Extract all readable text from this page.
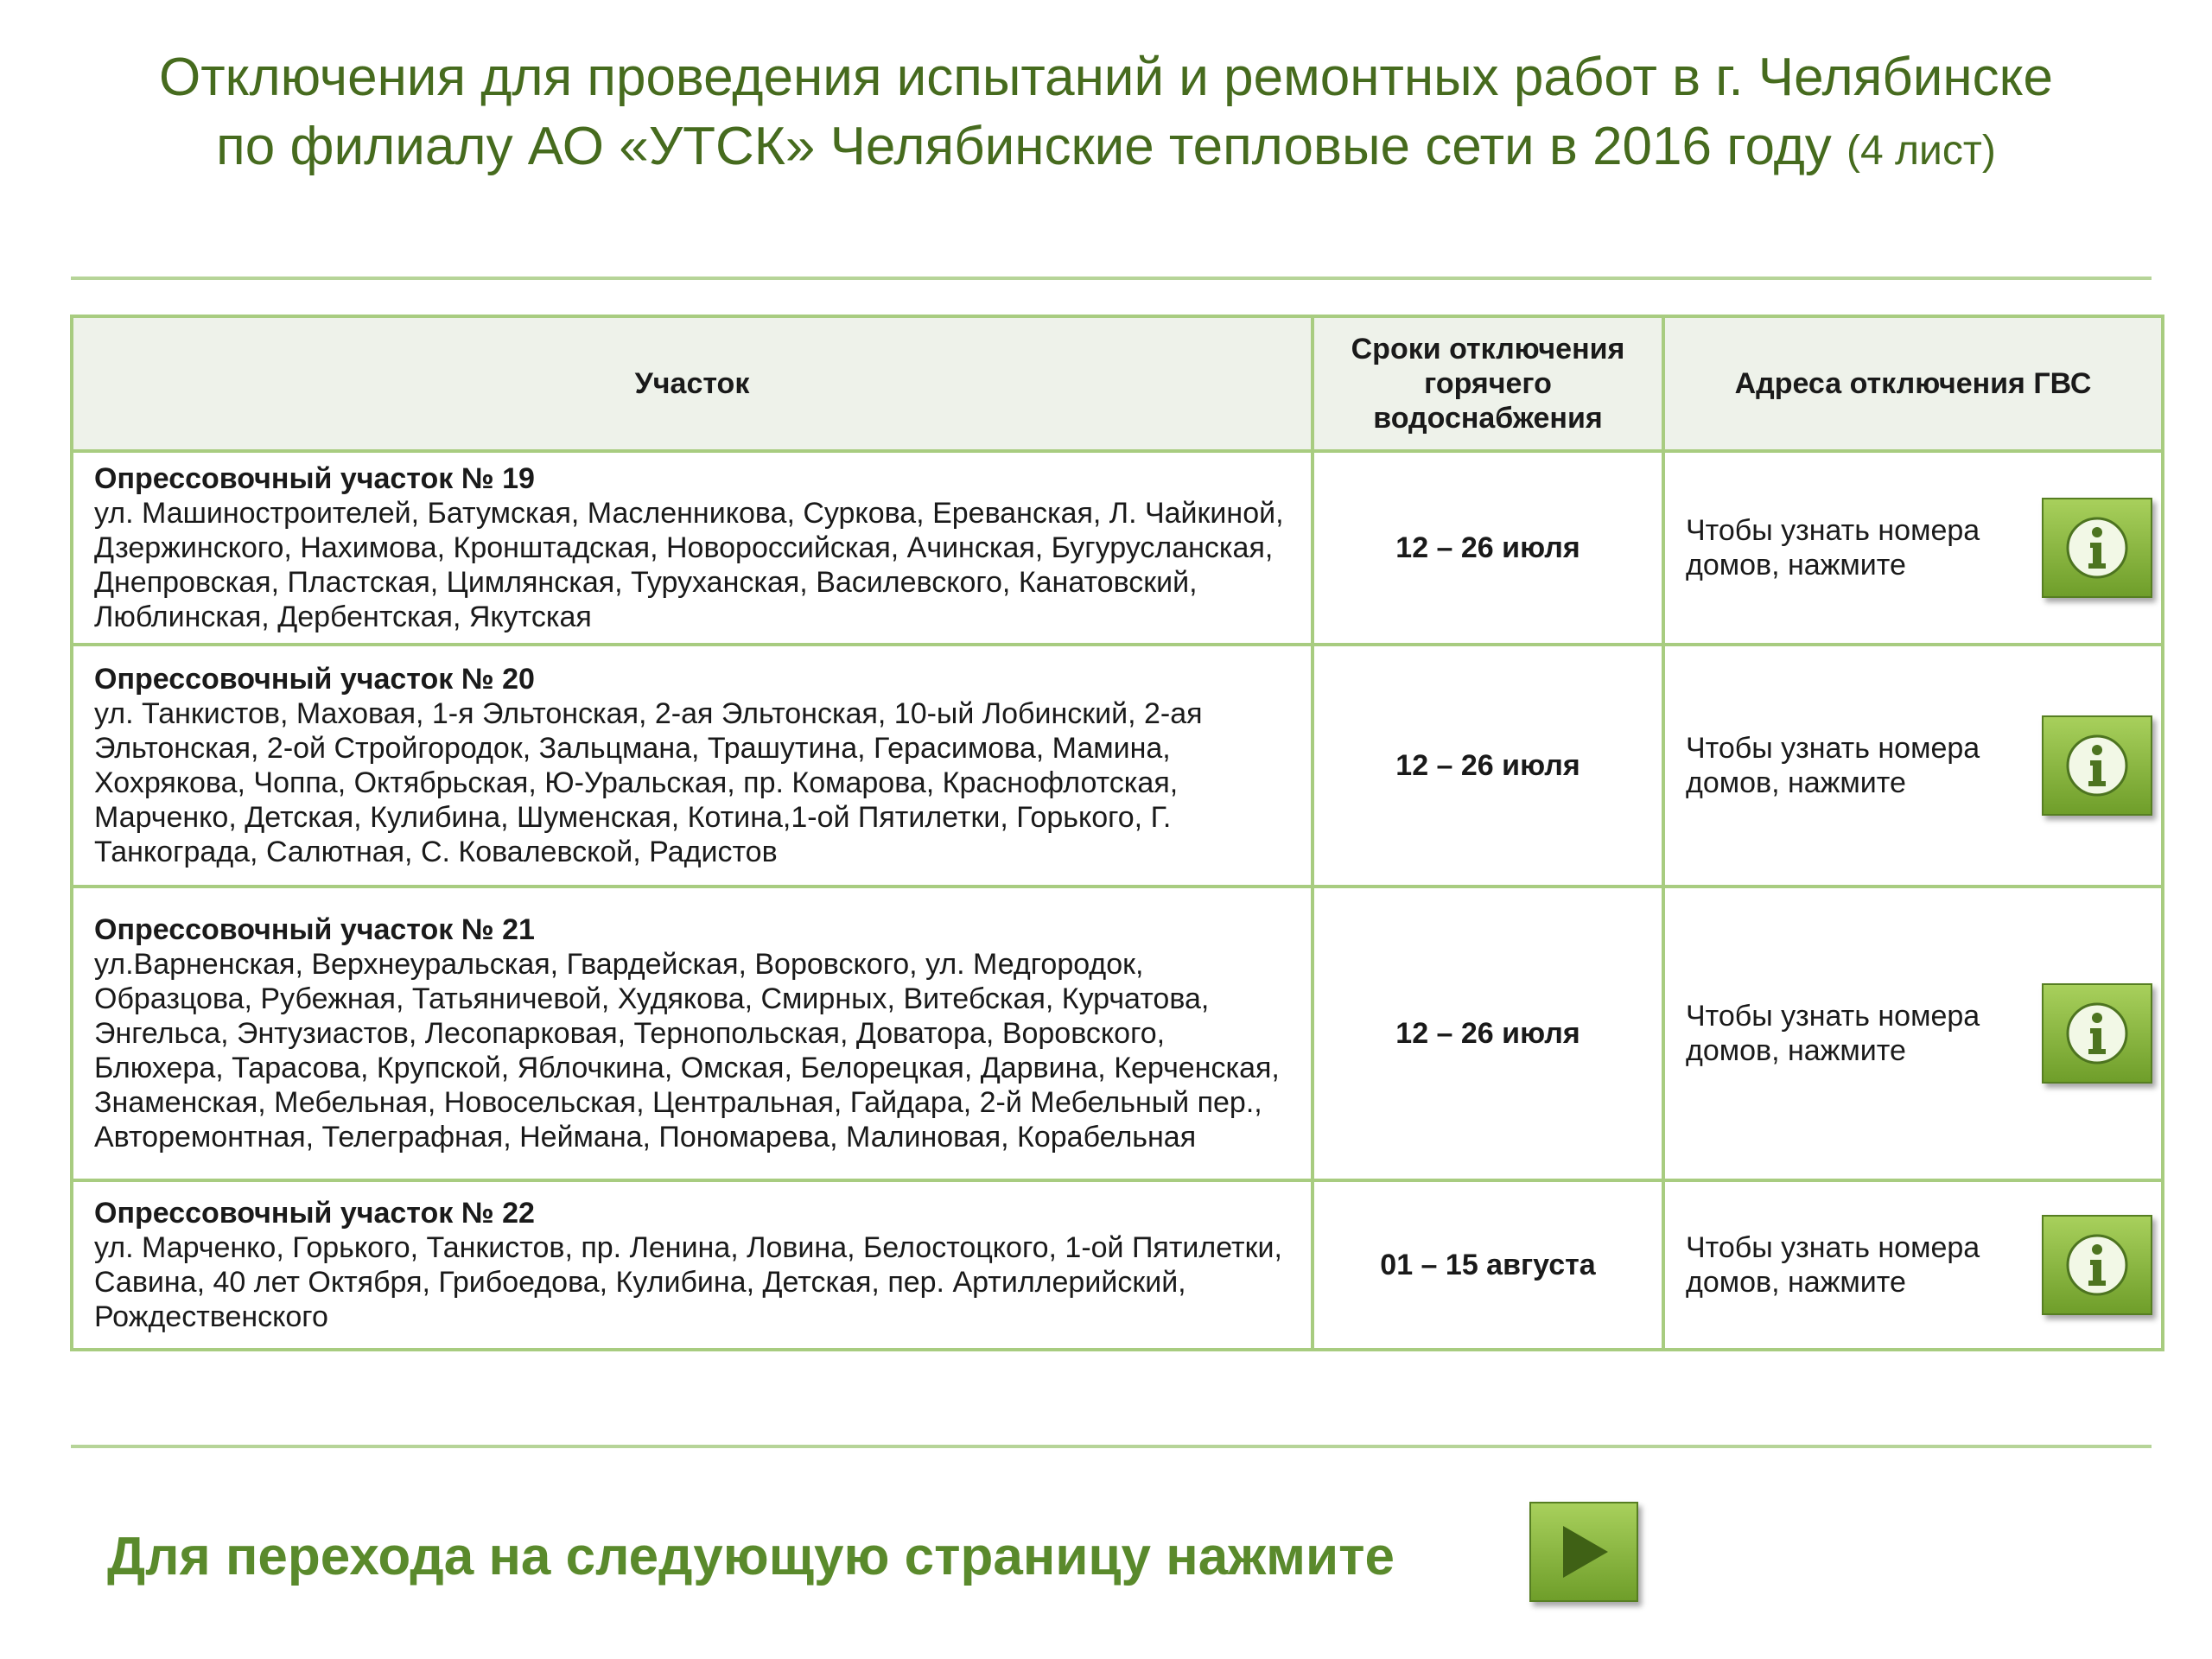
Отключения для проведения испытаний и ремонтных работ в г. Челябинске
по филиалу АО «УТСК» Челябинские тепловые сети в 2016 году (4 лист)
Участок	Сроки отключения горячего водоснабжения	Адреса отключения ГВС

Опрессовочный участок № 19
ул. Машиностроителей, Батумская, Масленникова, Суркова, Ереванская, Л. Чайкиной, Дзержинского, Нахимова, Кронштадская, Новороссийская, Ачинская, Бугурусланская, Днепровская, Пластская, Цимлянская, Туруханская, Василевского, Канатовский, Люблинская, Дербентская, Якутская	12 – 26 июля	Чтобы узнать номера домов, нажмите

Опрессовочный участок № 20
ул. Танкистов, Маховая, 1-я Эльтонская, 2-ая Эльтонская, 10-ый Лобинский, 2-ая Эльтонская, 2-ой Стройгородок, Зальцмана, Трашутина, Герасимова, Мамина, Хохрякова, Чоппа, Октябрьская, Ю-Уральская, пр. Комарова, Краснофлотская, Марченко, Детская, Кулибина, Шуменская, Котина,1-ой Пятилетки, Горького, Г. Танкограда, Салютная, С. Ковалевской, Радистов	12 – 26 июля	Чтобы узнать номера домов, нажмите

Опрессовочный участок № 21
ул.Варненская, Верхнеуральская, Гвардейская, Воровского, ул. Медгородок, Образцова, Рубежная, Татьяничевой, Худякова, Смирных, Витебская, Курчатова, Энгельса, Энтузиастов, Лесопарковая, Тернопольская, Доватора, Воровского, Блюхера, Тарасова, Крупской, Яблочкина, Омская, Белорецкая, Дарвина, Керченская, Знаменская, Мебельная, Новосельская, Центральная, Гайдара, 2-й Мебельный пер., Авторемонтная, Телеграфная, Неймана, Пономарева, Малиновая, Корабельная	12 – 26 июля	Чтобы узнать номера домов, нажмите

Опрессовочный участок № 22
ул. Марченко, Горького, Танкистов, пр. Ленина, Ловина, Белостоцкого, 1-ой Пятилетки, Савина, 40 лет Октября, Грибоедова, Кулибина, Детская, пер. Артиллерийский, Рождественского	01 – 15 августа	Чтобы узнать номера домов, нажмите
Для перехода на следующую страницу нажмите
